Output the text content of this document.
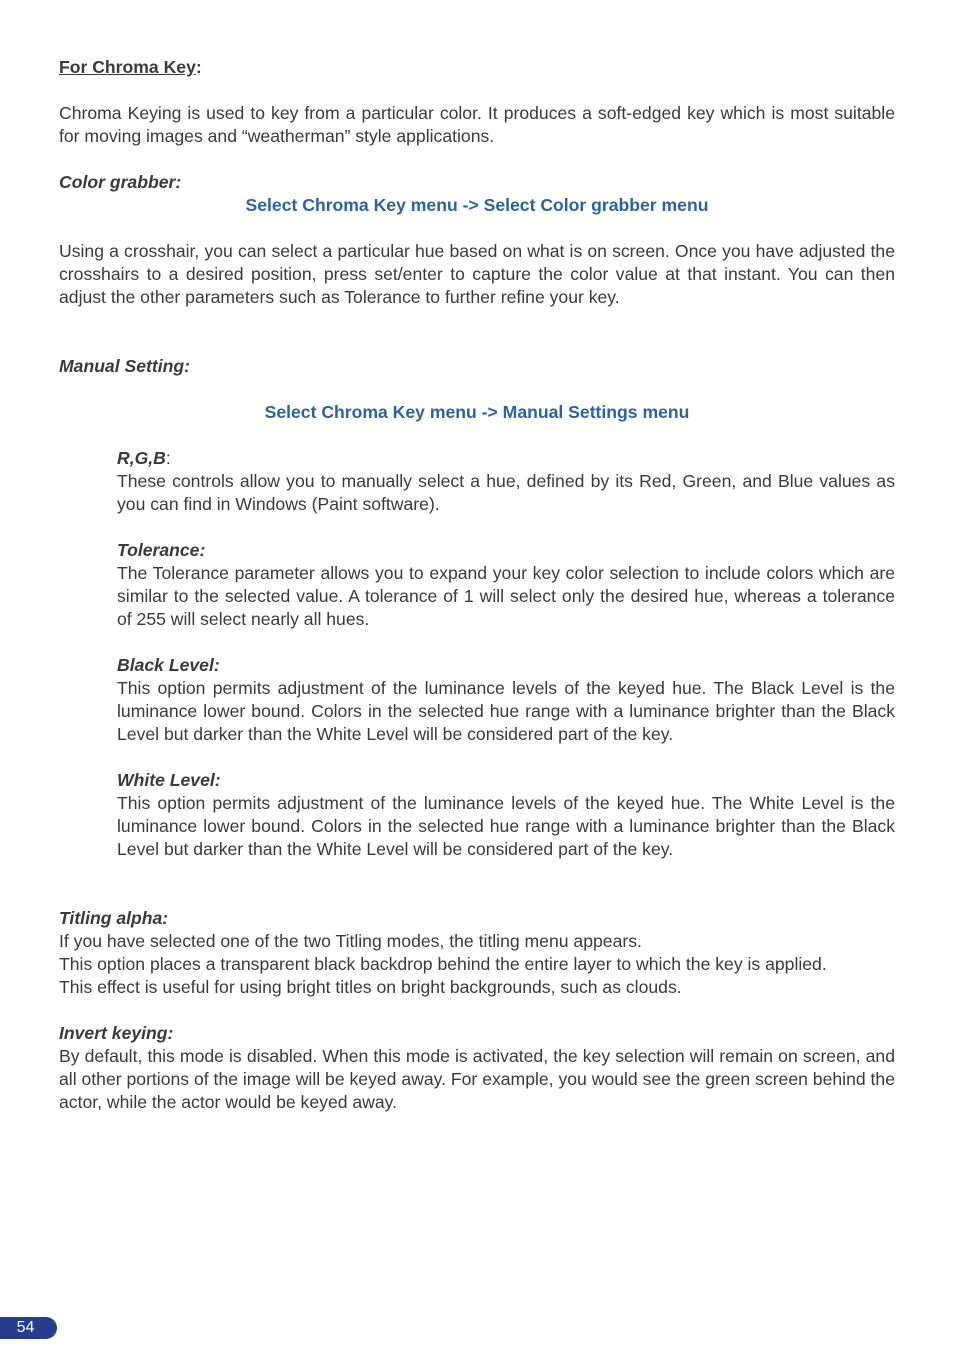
For Chroma Key:

Chroma Keying is used to key from a particular color. It produces a soft-edged key which is most suitable for moving images and “weatherman” style applications.

Color grabber:

Select Chroma Key menu -> Select Color grabber menu

Using a crosshair, you can select a particular hue based on what is on screen. Once you have adjusted the crosshairs to a desired position, press set/enter to capture the color value at that instant. You can then adjust the other parameters such as Tolerance to further refine your key.

Manual Setting:

Select Chroma Key menu -> Manual Settings menu

R,G,B:

These controls allow you to manually select a hue, defined by its Red, Green, and Blue values as you can find in Windows (Paint software).

Tolerance:

The Tolerance parameter allows you to expand your key color selection to include colors which are similar to the selected value. A tolerance of 1 will select only the desired hue, whereas a tolerance of 255 will select nearly all hues.

Black Level:

This option permits adjustment of the luminance levels of the keyed hue. The Black Level is the luminance lower bound. Colors in the selected hue range with a luminance brighter than the Black Level but darker than the White Level will be considered part of the key.

White Level:

This option permits adjustment of the luminance levels of the keyed hue. The White Level is the luminance lower bound. Colors in the selected hue range with a luminance brighter than the Black Level but darker than the White Level will be considered part of the key.

Titling alpha:

If you have selected one of the two Titling modes, the titling menu appears.

This option places a transparent black backdrop behind the entire layer to which the key is applied.

This effect is useful for using bright titles on bright backgrounds, such as clouds.

Invert keying:

By default, this mode is disabled. When this mode is activated, the key selection will remain on screen, and all other portions of the image will be keyed away. For example, you would see the green screen behind the actor, while the actor would be keyed away.

54
